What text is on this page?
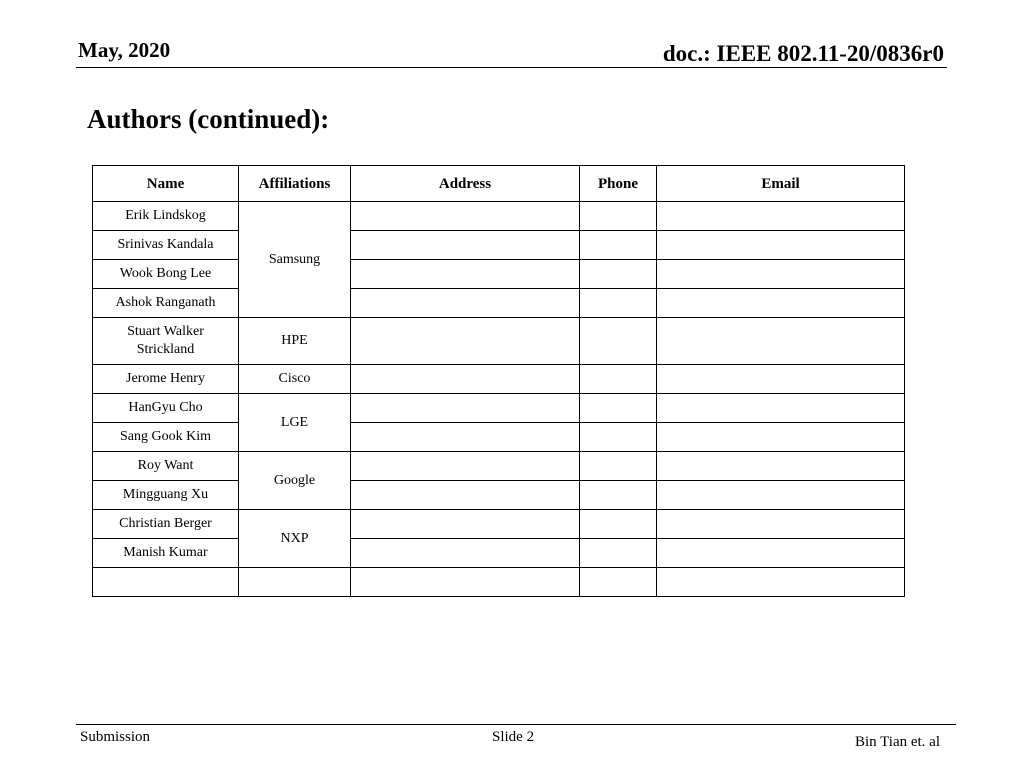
May, 2020	doc.: IEEE 802.11-20/0836r0
Authors (continued):
Name	Affiliations	Address	Phone	Email
Erik Lindskog	Samsung			
Srinivas Kandala				
Wook Bong Lee				
Ashok Ranganath				
Stuart Walker Strickland	HPE			
Jerome Henry	Cisco			
HanGyu Cho	LGE			
Sang Gook Kim				
Roy Want	Google			
Mingguang Xu				
Christian Berger	NXP			
Manish Kumar				

Submission	Slide 2	Bin Tian et. al
